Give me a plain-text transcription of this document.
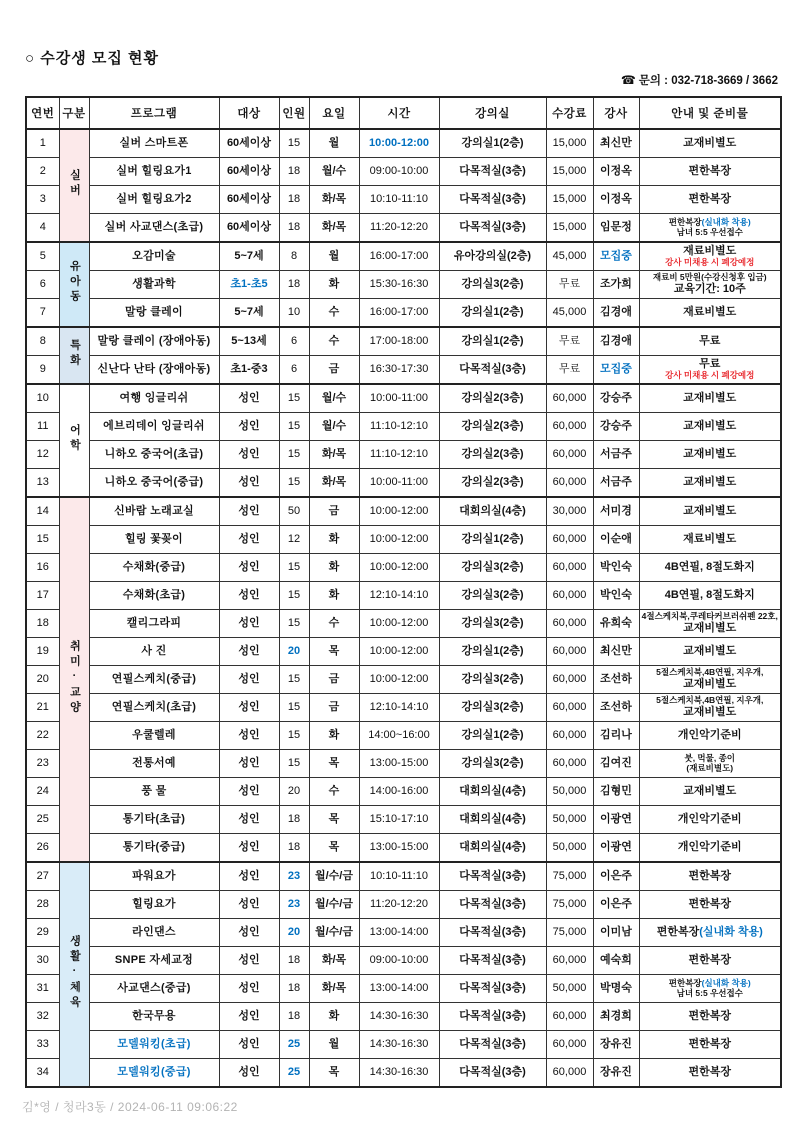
○ 수강생 모집 현황
☎ 문의 : 032-718-3669 / 3662
연번	구분	프로그램	대상	인원	요일	시간	강의실	수강료	강사	안내 및 준비물
1	실버	실버 스마트폰	60세이상	15	월	10:00-12:00	강의실1(2층)	15,000	최신만	교재비별도

2		실버 힐링요가1	60세이상	18	월/수	09:00-10:00	다목적실(3층)	15,000	이정옥	편한복장

3		실버 힐링요가2	60세이상	18	화/목	10:10-11:10	다목적실(3층)	15,000	이정옥	편한복장

4		실버 사교댄스(초급)	60세이상	18	화/목	11:20-12:20	다목적실(3층)	15,000	임문정	편한복장(실내화 착용)
남녀 5:5 우선접수

5	유아동	오감미술	5~7세	8	월	16:00-17:00	유아강의실(2층)	45,000	모집중	재료비별도
강사 미채용 시 폐강예정

6		생활과학	초1-초5	18	화	15:30-16:30	강의실3(2층)	무료	조가희	재료비 5만원(수강신청후 입금)
교육기간: 10주

7		말랑 클레이	5~7세	10	수	16:00-17:00	강의실1(2층)	45,000	김경애	재료비별도

8	특화	말랑 클레이 (장애아동)	5~13세	6	수	17:00-18:00	강의실1(2층)	무료	김경애	무료

9		신난다 난타 (장애아동)	초1-중3	6	금	16:30-17:30	다목적실(3층)	무료	모집중	무료
강사 미채용 시 폐강예정

10	어학	여행 잉글리쉬	성인	15	월/수	10:00-11:00	강의실2(3층)	60,000	강승주	교재비별도

11		에브리데이 잉글리쉬	성인	15	월/수	11:10-12:10	강의실2(3층)	60,000	강승주	교재비별도

12		니하오 중국어(초급)	성인	15	화/목	11:10-12:10	강의실2(3층)	60,000	서금주	교재비별도

13		니하오 중국어(중급)	성인	15	화/목	10:00-11:00	강의실2(3층)	60,000	서금주	교재비별도

14	취미·교양	신바람 노래교실	성인	50	금	10:00-12:00	대회의실(4층)	30,000	서미경	교재비별도

15		힐링 꽃꽂이	성인	12	화	10:00-12:00	강의실1(2층)	60,000	이순애	재료비별도

16		수채화(중급)	성인	15	화	10:00-12:00	강의실3(2층)	60,000	박인숙	4B연필, 8절도화지

17		수채화(초급)	성인	15	화	12:10-14:10	강의실3(2층)	60,000	박인숙	4B연필, 8절도화지

18		캘리그라피	성인	15	수	10:00-12:00	강의실3(2층)	60,000	유희숙	4절스케치북,쿠레타커브러쉬펜 22호,
교재비별도

19		사 진	성인	20	목	10:00-12:00	강의실1(2층)	60,000	최신만	교재비별도

20		연필스케치(중급)	성인	15	금	10:00-12:00	강의실3(2층)	60,000	조선하	5절스케치북,4B연필, 지우개,
교재비별도

21		연필스케치(초급)	성인	15	금	12:10-14:10	강의실3(2층)	60,000	조선하	5절스케치북,4B연필, 지우개,
교재비별도

22		우쿨렐레	성인	15	화	14:00~16:00	강의실1(2층)	60,000	김리나	개인악기준비

23		전통서예	성인	15	목	13:00-15:00	강의실3(2층)	60,000	김여진	붓, 먹물, 종이
(재료비별도)

24		풍 물	성인	20	수	14:00-16:00	대회의실(4층)	50,000	김형민	교재비별도

25		통기타(초급)	성인	18	목	15:10-17:10	대회의실(4층)	50,000	이광연	개인악기준비

26		통기타(중급)	성인	18	목	13:00-15:00	대회의실(4층)	50,000	이광연	개인악기준비

27	생활·체육	파워요가	성인	23	월/수/금	10:10-11:10	다목적실(3층)	75,000	이은주	편한복장

28		힐링요가	성인	23	월/수/금	11:20-12:20	다목적실(3층)	75,000	이은주	편한복장

29		라인댄스	성인	20	월/수/금	13:00-14:00	다목적실(3층)	75,000	이미남	편한복장(실내화 착용)

30		SNPE 자세교정	성인	18	화/목	09:00-10:00	다목적실(3층)	60,000	예숙희	편한복장

31		사교댄스(중급)	성인	18	화/목	13:00-14:00	다목적실(3층)	50,000	박명숙	편한복장(실내화 착용)
남녀 5:5 우선접수

32		한국무용	성인	18	화	14:30-16:30	다목적실(3층)	60,000	최경희	편한복장

33		모델워킹(초급)	성인	25	월	14:30-16:30	다목적실(3층)	60,000	장유진	편한복장

34		모델워킹(중급)	성인	25	목	14:30-16:30	다목적실(3층)	60,000	장유진	편한복장
김*영 / 청라3동 / 2024-06-11 09:06:22
